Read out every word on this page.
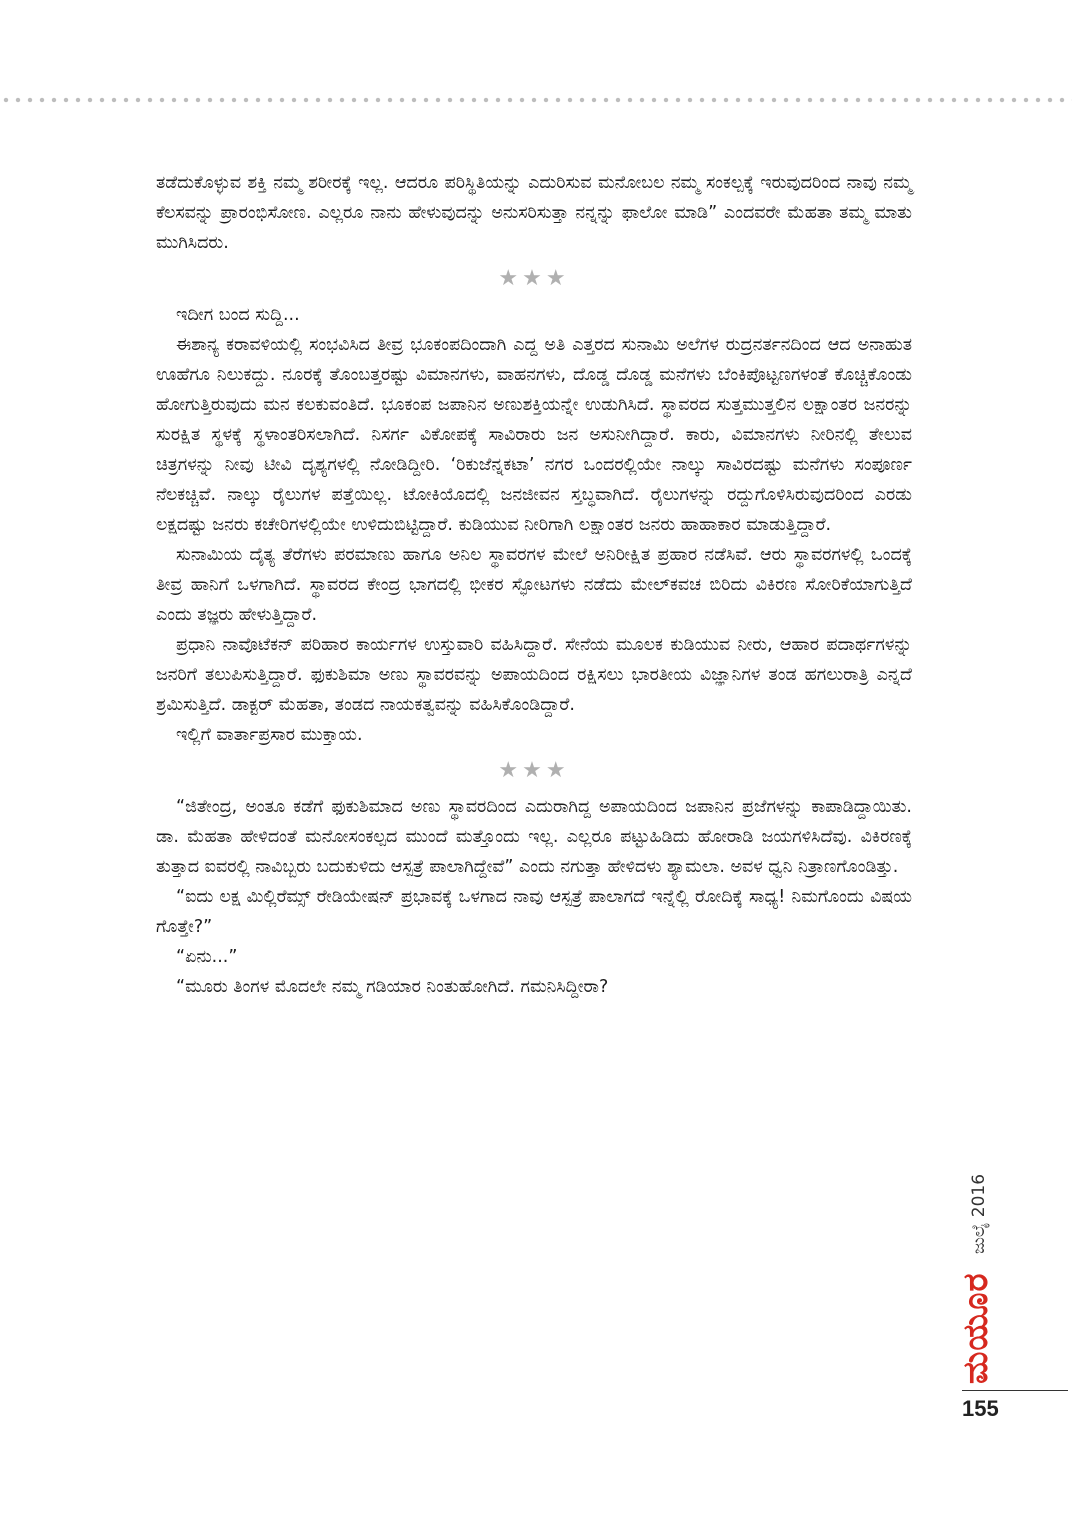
ತಡೆದುಕೊಳ್ಳುವ ಶಕ್ತಿ ನಮ್ಮ ಶರೀರಕ್ಕೆ ಇಲ್ಲ. ಆದರೂ ಪರಿಸ್ಥಿತಿಯನ್ನು ಎದುರಿಸುವ ಮನೋಬಲ ನಮ್ಮ ಸಂಕಲ್ಪಕ್ಕೆ ಇರುವುದರಿಂದ ನಾವು ನಮ್ಮ ಕೆಲಸವನ್ನು ಪ್ರಾರಂಭಿಸೋಣ. ಎಲ್ಲರೂ ನಾನು ಹೇಳುವುದನ್ನು ಅನುಸರಿಸುತ್ತಾ ನನ್ನನ್ನು ಫಾಲೋ ಮಾಡಿ” ಎಂದವರೇ ಮೆಹತಾ ತಮ್ಮ ಮಾತು ಮುಗಿಸಿದರು.

★★★

ಇದೀಗ ಬಂದ ಸುದ್ದಿ...

ಈಶಾನ್ಯ ಕರಾವಳಿಯಲ್ಲಿ ಸಂಭವಿಸಿದ ತೀವ್ರ ಭೂಕಂಪದಿಂದಾಗಿ ಎದ್ದ ಅತಿ ಎತ್ತರದ ಸುನಾಮಿ ಅಲೆಗಳ ರುದ್ರನರ್ತನದಿಂದ ಆದ ಅನಾಹುತ ಊಹೆಗೂ ನಿಲುಕದ್ದು. ನೂರಕ್ಕೆ ತೊಂಬತ್ತರಷ್ಟು ವಿಮಾನಗಳು, ವಾಹನಗಳು, ದೊಡ್ಡ ದೊಡ್ಡ ಮನೆಗಳು ಬೆಂಕಿಪೊಟ್ಟಣಗಳಂತೆ ಕೊಚ್ಚಿಕೊಂಡು ಹೋಗುತ್ತಿರುವುದು ಮನ ಕಲಕುವಂತಿದೆ. ಭೂಕಂಪ ಜಪಾನಿನ ಅಣುಶಕ್ತಿಯನ್ನೇ ಉಡುಗಿಸಿದೆ. ಸ್ಥಾವರದ ಸುತ್ತಮುತ್ತಲಿನ ಲಕ್ಷಾಂತರ ಜನರನ್ನು ಸುರಕ್ಷಿತ ಸ್ಥಳಕ್ಕೆ ಸ್ಥಳಾಂತರಿಸಲಾಗಿದೆ. ನಿಸರ್ಗ ವಿಕೋಪಕ್ಕೆ ಸಾವಿರಾರು ಜನ ಅಸುನೀಗಿದ್ದಾರೆ. ಕಾರು, ವಿಮಾನಗಳು ನೀರಿನಲ್ಲಿ ತೇಲುವ ಚಿತ್ರಗಳನ್ನು ನೀವು ಟೀವಿ ದೃಶ್ಯಗಳಲ್ಲಿ ನೋಡಿದ್ದೀರಿ. ‘ರಿಕುಜೆನ್ನಕಟಾ’ ನಗರ ಒಂದರಲ್ಲಿಯೇ ನಾಲ್ಕು ಸಾವಿರದಷ್ಟು ಮನೆಗಳು ಸಂಪೂರ್ಣ ನೆಲಕಚ್ಚಿವೆ. ನಾಲ್ಕು ರೈಲುಗಳ ಪತ್ತೆಯಿಲ್ಲ. ಟೋಕಿಯೊದಲ್ಲಿ ಜನಜೀವನ ಸ್ತಬ್ಧವಾಗಿದೆ. ರೈಲುಗಳನ್ನು ರದ್ದುಗೊಳಿಸಿರುವುದರಿಂದ ಎರಡು ಲಕ್ಷದಷ್ಟು ಜನರು ಕಚೇರಿಗಳಲ್ಲಿಯೇ ಉಳಿದುಬಿಟ್ಟಿದ್ದಾರೆ. ಕುಡಿಯುವ ನೀರಿಗಾಗಿ ಲಕ್ಷಾಂತರ ಜನರು ಹಾಹಾಕಾರ ಮಾಡುತ್ತಿದ್ದಾರೆ.

ಸುನಾಮಿಯ ದೈತ್ಯ ತೆರೆಗಳು ಪರಮಾಣು ಹಾಗೂ ಅನಿಲ ಸ್ಥಾವರಗಳ ಮೇಲೆ ಅನಿರೀಕ್ಷಿತ ಪ್ರಹಾರ ನಡೆಸಿವೆ. ಆರು ಸ್ಥಾವರಗಳಲ್ಲಿ ಒಂದಕ್ಕೆ ತೀವ್ರ ಹಾನಿಗೆ ಒಳಗಾಗಿದೆ. ಸ್ಥಾವರದ ಕೇಂದ್ರ ಭಾಗದಲ್ಲಿ ಭೀಕರ ಸ್ಫೋಟಗಳು ನಡೆದು ಮೇಲ್‌ಕವಚ ಬಿರಿದು ವಿಕಿರಣ ಸೋರಿಕೆಯಾಗುತ್ತಿದೆ ಎಂದು ತಜ್ಞರು ಹೇಳುತ್ತಿದ್ದಾರೆ.

ಪ್ರಧಾನಿ ನಾವೊಟೆಕನ್ ಪರಿಹಾರ ಕಾರ್ಯಗಳ ಉಸ್ತುವಾರಿ ವಹಿಸಿದ್ದಾರೆ. ಸೇನೆಯ ಮೂಲಕ ಕುಡಿಯುವ ನೀರು, ಆಹಾರ ಪದಾರ್ಥಗಳನ್ನು ಜನರಿಗೆ ತಲುಪಿಸುತ್ತಿದ್ದಾರೆ. ಫುಕುಶಿಮಾ ಅಣು ಸ್ಥಾವರವನ್ನು ಅಪಾಯದಿಂದ ರಕ್ಷಿಸಲು ಭಾರತೀಯ ವಿಜ್ಞಾನಿಗಳ ತಂಡ ಹಗಲುರಾತ್ರಿ ಎನ್ನದೆ ಶ್ರಮಿಸುತ್ತಿದೆ. ಡಾಕ್ಟರ್ ಮೆಹತಾ, ತಂಡದ ನಾಯಕತ್ವವನ್ನು ವಹಿಸಿಕೊಂಡಿದ್ದಾರೆ.

ಇಲ್ಲಿಗೆ ವಾರ್ತಾಪ್ರಸಾರ ಮುಕ್ತಾಯ.

★★★

“ಜಿತೇಂದ್ರ, ಅಂತೂ ಕಡೆಗೆ ಫುಕುಶಿಮಾದ ಅಣು ಸ್ಥಾವರದಿಂದ ಎದುರಾಗಿದ್ದ ಅಪಾಯದಿಂದ ಜಪಾನಿನ ಪ್ರಜೆಗಳನ್ನು ಕಾಪಾಡಿದ್ದಾಯಿತು. ಡಾ. ಮೆಹತಾ ಹೇಳಿದಂತೆ ಮನೋಸಂಕಲ್ಪದ ಮುಂದೆ ಮತ್ತೊಂದು ಇಲ್ಲ. ಎಲ್ಲರೂ ಪಟ್ಟುಹಿಡಿದು ಹೋರಾಡಿ ಜಯಗಳಿಸಿದೆವು. ವಿಕಿರಣಕ್ಕೆ ತುತ್ತಾದ ಐವರಲ್ಲಿ ನಾವಿಬ್ಬರು ಬದುಕುಳಿದು ಆಸ್ಪತ್ರೆ ಪಾಲಾಗಿದ್ದೇವೆ” ಎಂದು ನಗುತ್ತಾ ಹೇಳಿದಳು ಶ್ಯಾಮಲಾ. ಅವಳ ಧ್ವನಿ ನಿತ್ರಾಣಗೊಂಡಿತ್ತು.

“ಐದು ಲಕ್ಷ ಮಿಲ್ಲಿರೆಮ್ಸ್ ರೇಡಿಯೇಷನ್ ಪ್ರಭಾವಕ್ಕೆ ಒಳಗಾದ ನಾವು ಆಸ್ಪತ್ರೆ ಪಾಲಾಗದೆ ಇನ್ನೆಲ್ಲಿ ರೋದಿಕ್ಕೆ ಸಾಧ್ಯ! ನಿಮಗೊಂದು ವಿಷಯ ಗೊತ್ತೇ?”

“ಏನು...”

“ಮೂರು ತಿಂಗಳ ಮೊದಲೇ ನಮ್ಮ ಗಡಿಯಾರ ನಿಂತುಹೋಗಿದೆ. ಗಮನಿಸಿದ್ದೀರಾ?

ಜುಲೈ 2016
ಮಯೂರ
155
